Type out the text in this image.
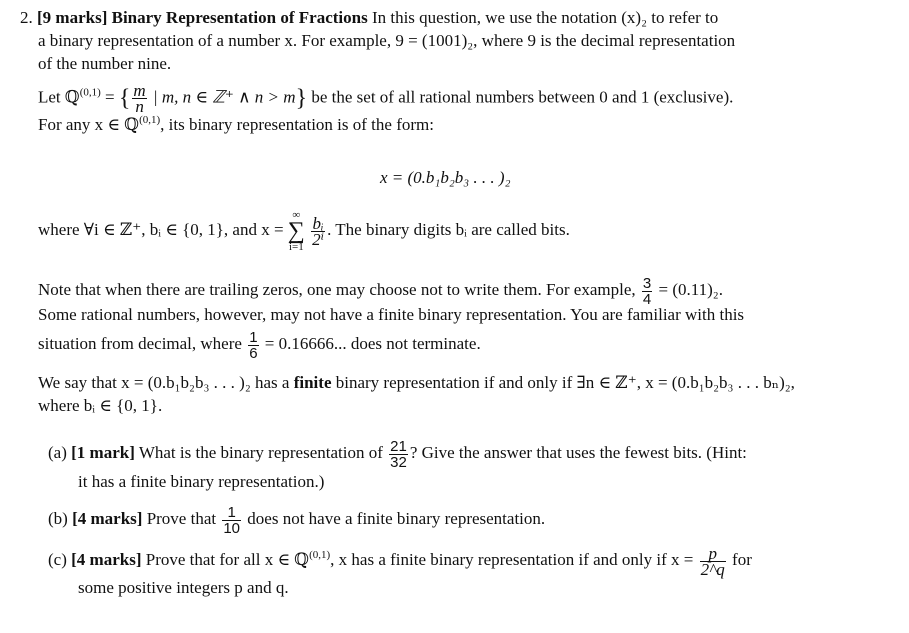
2. [9 marks] Binary Representation of Fractions In this question, we use the notation (x)₂ to refer to
a binary representation of a number x. For example, 9 = (1001)₂, where 9 is the decimal representation
of the number nine.
Let ℚ$^{(0,1)}$ = { $\frac{m}{n}$ | m, n ∈ ℤ⁺ ∧ n > m} be the set of all rational numbers between 0 and 1 (exclusive).
For any x ∈ ℚ$^{(0,1)}$, its binary representation is of the form:
x = (0.b₁b₂b₃ . . . )₂
where ∀i ∈ ℤ⁺, bᵢ ∈ {0, 1}, and x =
∞
∑
i=1

$\frac{\text{bᵢ}}{\text{2ⁱ}}$ . The binary digits bᵢ are called bits.
Note that when there are trailing zeros, one may choose not to write them. For example, $\frac{3}{4} = (0.11)_2$.
Some rational numbers, however, may not have a finite binary representation. You are familiar with this
situation from decimal, where $\frac{1}{6} = 0.16666$... does not terminate.
We say that x = (0.b₁b₂b₃ . . . )₂ has a finite binary representation if and only if ∃n ∈ ℤ⁺, x = (0.b₁b₂b₃ . . . bₙ)₂,
where bᵢ ∈ {0, 1}.
(a) [1 mark] What is the binary representation of $\frac{21}{32}$ ? Give the answer that uses the fewest bits. (Hint:
it has a finite binary representation.)
(b) [4 marks] Prove that $\frac{1}{10}$ does not have a finite binary representation.
(c) [4 marks] Prove that for all x ∈ ℚ$^{(0,1)}$, x has a finite binary representation if and only if $x = \frac{p}{2\^{}q}$ for
some positive integers p and q.
